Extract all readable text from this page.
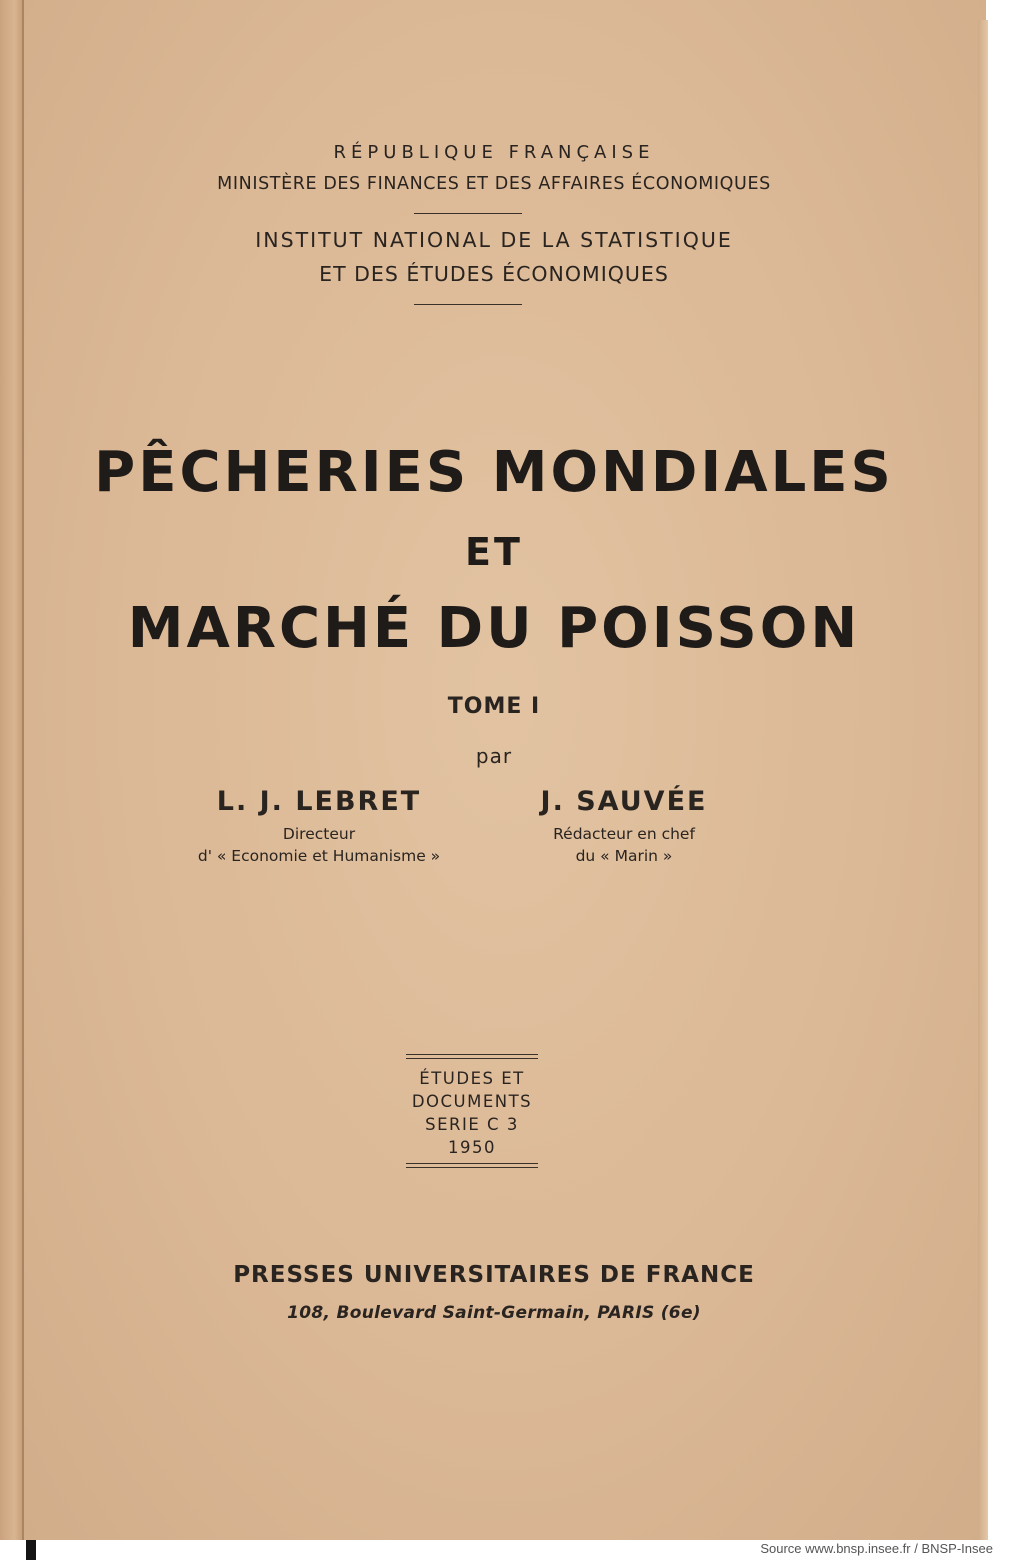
RÉPUBLIQUE FRANÇAISE
MINISTÈRE DES FINANCES ET DES AFFAIRES ÉCONOMIQUES
INSTITUT NATIONAL DE LA STATISTIQUE
ET DES ÉTUDES ÉCONOMIQUES
PÊCHERIES MONDIALES
ET
MARCHÉ DU POISSON
TOME I
par
L. J. LEBRET
Directeur
d' « Economie et Humanisme »
J. SAUVÉE
Rédacteur en chef
du « Marin »
ÉTUDES ET
DOCUMENTS
SERIE C 3
1950
PRESSES UNIVERSITAIRES DE FRANCE
108, Boulevard Saint-Germain, PARIS (6e)
Source www.bnsp.insee.fr / BNSP-Insee
